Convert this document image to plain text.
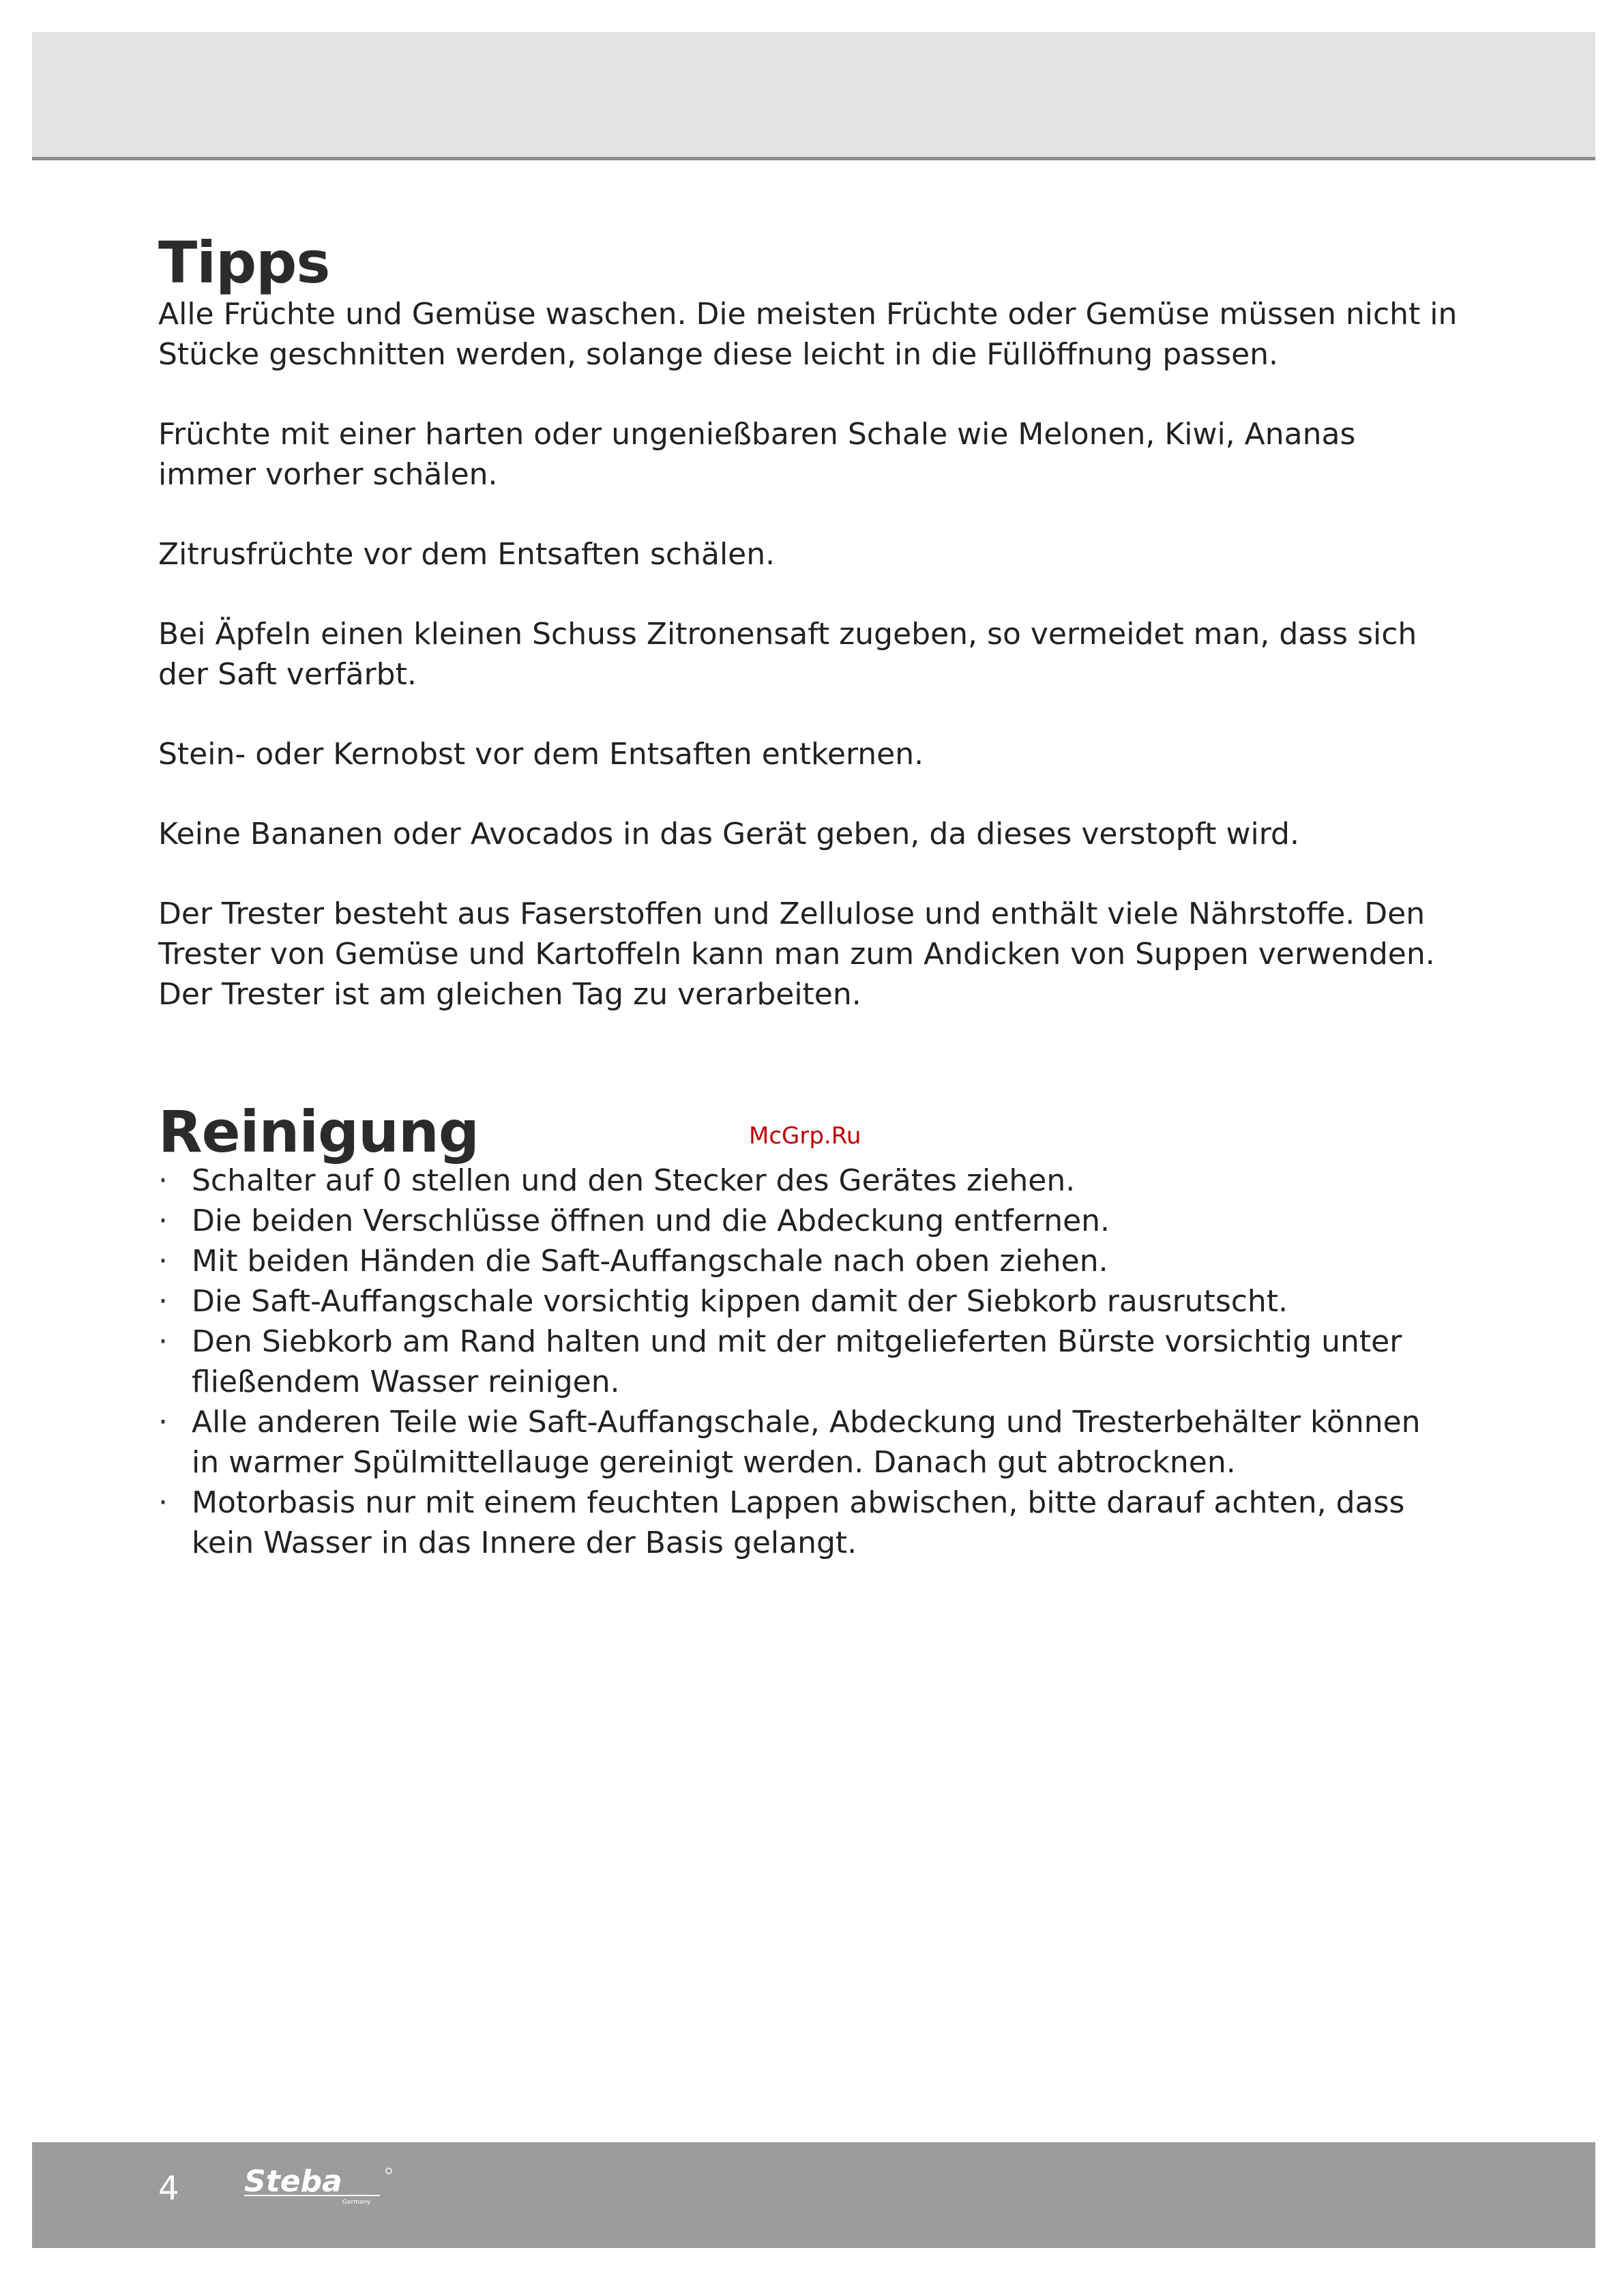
Tipps

Alle Früchte und Gemüse waschen. Die meisten Früchte oder Gemüse müssen nicht in
Stücke geschnitten werden, solange diese leicht in die Füllöffnung passen.

Früchte mit einer harten oder ungenießbaren Schale wie Melonen, Kiwi, Ananas
immer vorher schälen.

Zitrusfrüchte vor dem Entsaften schälen.

Bei Äpfeln einen kleinen Schuss Zitronensaft zugeben, so vermeidet man, dass sich
der Saft verfärbt.

Stein- oder Kernobst vor dem Entsaften entkernen.

Keine Bananen oder Avocados in das Gerät geben, da dieses verstopft wird.

Der Trester besteht aus Faserstoffen und Zellulose und enthält viele Nährstoffe. Den
Trester von Gemüse und Kartoffeln kann man zum Andicken von Suppen verwenden.
Der Trester ist am gleichen Tag zu verarbeiten.

McGrp.Ru
Reinigung
· Schalter auf 0 stellen und den Stecker des Gerätes ziehen.
· Die beiden Verschlüsse öffnen und die Abdeckung entfernen.
· Mit beiden Händen die Saft-Auffangschale nach oben ziehen.
· Die Saft-Auffangschale vorsichtig kippen damit der Siebkorb rausrutscht.
· Den Siebkorb am Rand halten und mit der mitgelieferten Bürste vorsichtig unter
fließendem Wasser reinigen.
· Alle anderen Teile wie Saft-Auffangschale, Abdeckung und Tresterbehälter können
in warmer Spülmittellauge gereinigt werden. Danach gut abtrocknen.
· Motorbasis nur mit einem feuchten Lappen abwischen, bitte darauf achten, dass
kein Wasser in das Innere der Basis gelangt.
4 Steba
Germany
